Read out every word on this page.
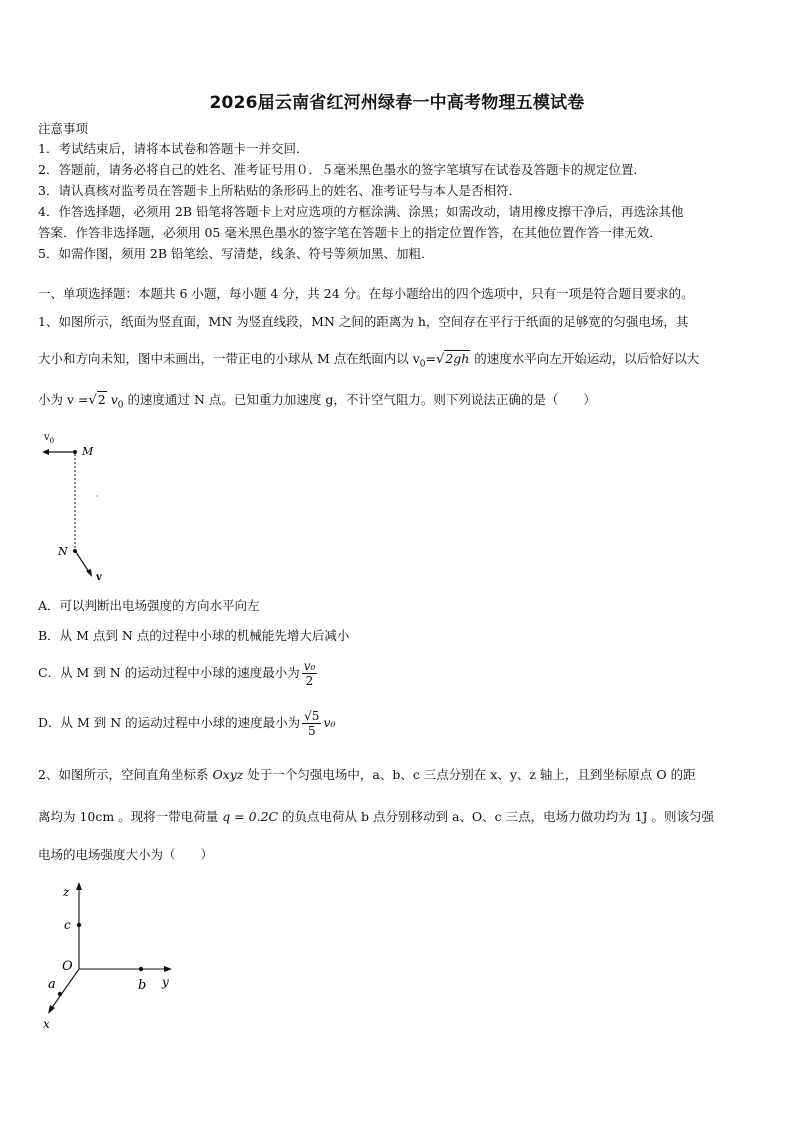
2026届云南省红河州绿春一中高考物理五模试卷
注意事项
1．考试结束后，请将本试卷和答题卡一并交回．
2．答题前，请务必将自己的姓名、准考证号用０．５毫米黑色墨水的签字笔填写在试卷及答题卡的规定位置．
3．请认真核对监考员在答题卡上所粘贴的条形码上的姓名、准考证号与本人是否相符．
4．作答选择题，必须用 2B 铅笔将答题卡上对应选项的方框涂满、涂黑；如需改动，请用橡皮擦干净后，再选涂其他
答案．作答非选择题，必须用 05 毫米黑色墨水的签字笔在答题卡上的指定位置作答，在其他位置作答一律无效．
5．如需作图，须用 2B 铅笔绘、写清楚，线条、符号等须加黑、加粗．
一、单项选择题：本题共 6 小题，每小题 4 分，共 24 分。在每小题给出的四个选项中，只有一项是符合题目要求的。
1、如图所示，纸面为竖直面，MN 为竖直线段，MN 之间的距离为 h，空间存在平行于纸面的足够宽的匀强电场，其
大小和方向未知，图中未画出，一带正电的小球从 M 点在纸面内以 $v_0=√2gh$ 的速度水平向左开始运动，以后恰好以大
小为 v =√2 $v_0$ 的速度通过 N 点。已知重力加速度 g，不计空气阻力。则下列说法正确的是（　　）
$v_0$
M
N
v
A．可以判断出电场强度的方向水平向左
B．从 M 点到 N 点的过程中小球的机械能先增大后减小
C．从 M 到 N 的运动过程中小球的速度最小为 $\frac{\text{v₀}}{2}$
D．从 M 到 N 的运动过程中小球的速度最小为 $\frac{√5}{5} v_0$
2、如图所示，空间直角坐标系 Oxyz 处于一个匀强电场中，a、b、c 三点分别在 x、y、z 轴上，且到坐标原点 O 的距
离均为 10cm 。现将一带电荷量 q = 0.2C 的负点电荷从 b 点分别移动到 a、O、c 三点，电场力做功均为 1J 。则该匀强
电场的电场强度大小为（　　）
z
c
O
y
b
x
a
